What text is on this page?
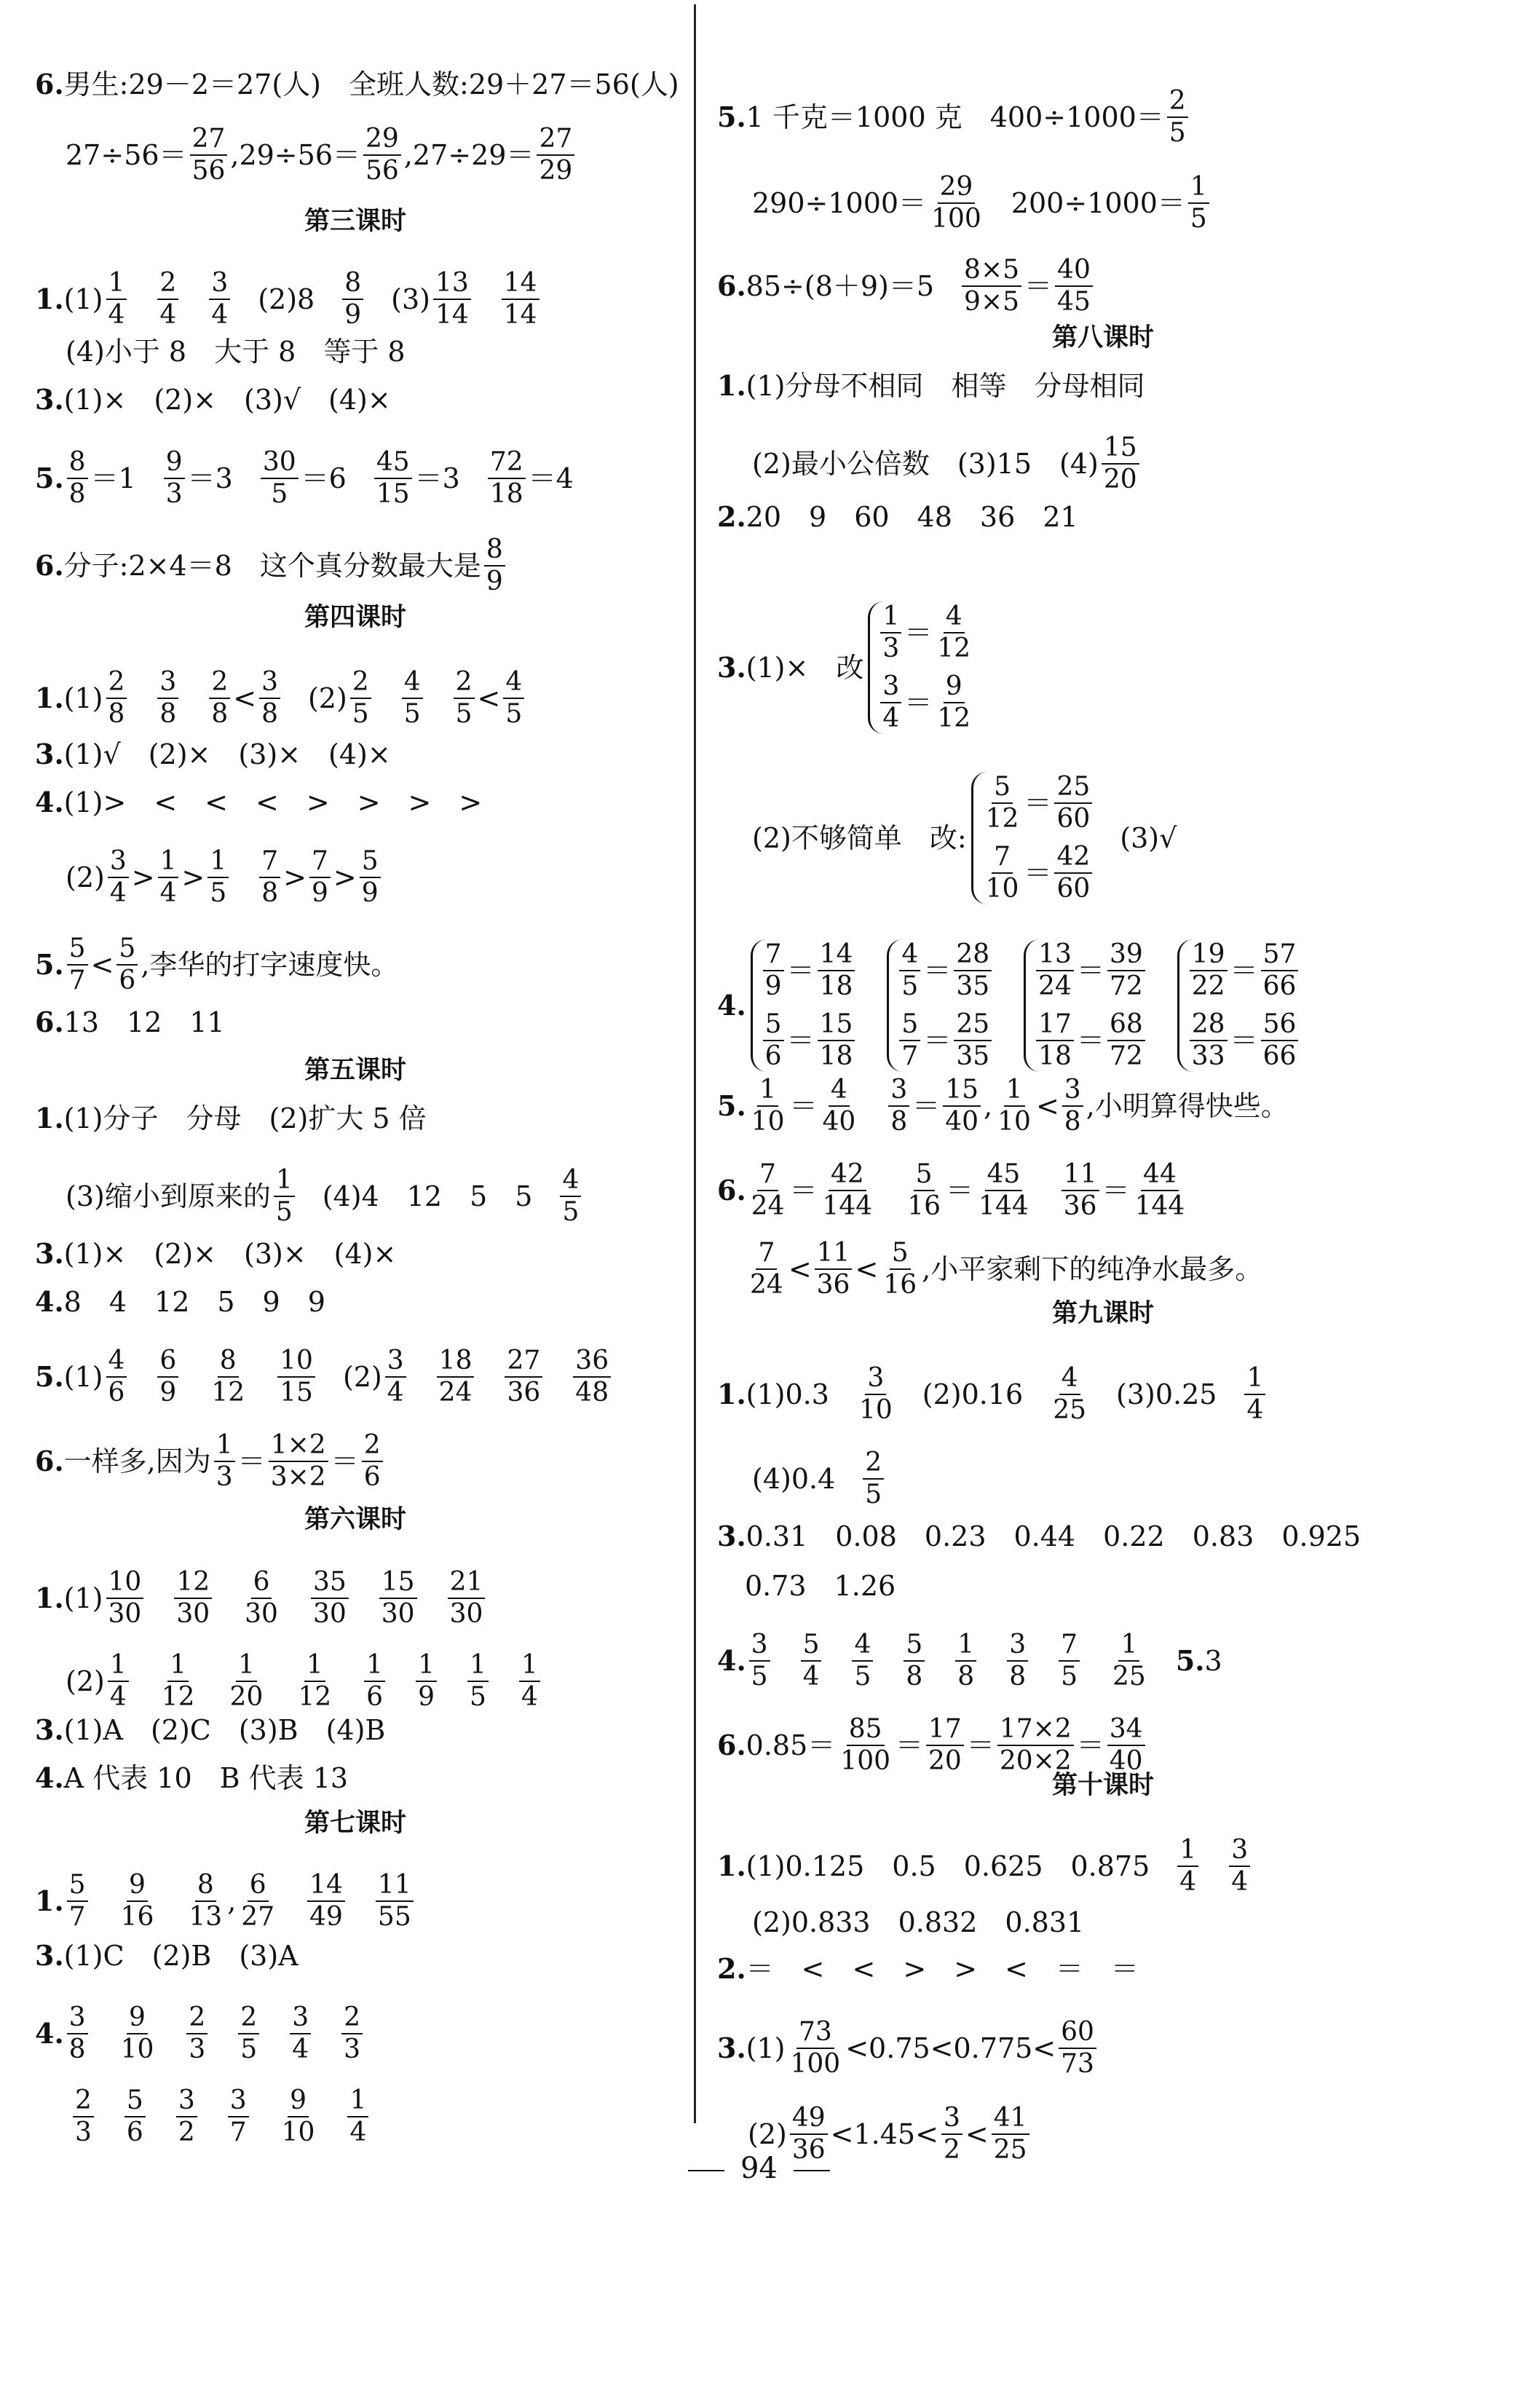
6. 男生:29－2＝27(人)　全班人数:29＋27＝56(人)
$27\div 56= \frac{27}{56} ,29\div 56= \frac{29}{56} ,27\div 29= \frac{27}{29}$
第三课时
1. $(1) \frac{1}{4} \frac{2}{4} \frac{3}{4} (2)8 \frac{8}{9} (3) \frac{13}{14} \frac{14}{14}$
(4)小于 8　大于 8　等于 8
3. (1)×　(2)×　(3)√　(4)×
5. $\frac{8}{8} =1 \frac{9}{3} =3 \frac{30}{5} =6 \frac{45}{15} =3 \frac{72}{18} =4$
6. 分子:2×4＝8　这个真分数最大是 $\frac{8}{9}$
第四课时
1. $(1) \frac{2}{8} \frac{3}{8} \frac{2}{8} < \frac{3}{8} (2) \frac{2}{5} \frac{4}{5} \frac{2}{5} < \frac{4}{5}$
3. (1)√　(2)×　(3)×　(4)×
4. (1)>　<　<　<　>　>　>　>
$(2) \frac{3}{4} > \frac{1}{4} > \frac{1}{5} \frac{7}{8} > \frac{7}{9} > \frac{5}{9}$
5. $\frac{5}{7} < \frac{5}{6}$ ,李华的打字速度快。
6. 13　12　11
第五课时
1. (1)分子　分母　(2)扩大 5 倍
(3)缩小到原来的 $\frac{1}{5} (4)4$　12　5　$5 \frac{4}{5}$
3. (1)×　(2)×　(3)×　(4)×
4. 8　4　12　5　9　9
5. $(1) \frac{4}{6} \frac{6}{9} \frac{8}{12} \frac{10}{15} (2) \frac{3}{4} \frac{18}{24} \frac{27}{36} \frac{36}{48}$
6. 一样多,因为 $\frac{1}{3} = \frac{1\times 2}{3\times 2} = \frac{2}{6}$
第六课时
1. $(1) \frac{10}{30} \frac{12}{30} \frac{6}{30} \frac{35}{30} \frac{15}{30} \frac{21}{30}$
$(2) \frac{1}{4} \frac{1}{12} \frac{1}{20} \frac{1}{12} \frac{1}{6} \frac{1}{9} \frac{1}{5} \frac{1}{4}$
3. (1)A　(2)C　(3)B　(4)B
4. A 代表 10　B 代表 13
第七课时
1. $\frac{5}{7} \frac{9}{16} \frac{8}{13}$ , $\frac{6}{27} \frac{14}{49} \frac{11}{55}$
3. (1)C　(2)B　(3)A
4. $\frac{3}{8} \frac{9}{10} \frac{2}{3} \frac{2}{5} \frac{3}{4} \frac{2}{3}$
$\frac{2}{3} \frac{5}{6} \frac{3}{2} \frac{3}{7} \frac{9}{10} \frac{1}{4}$
5. 1 千克＝1000 克　$400\div 1000= \frac{2}{5}$
$290\div 1000= \frac{29}{100} 200\div 1000= \frac{1}{5}$
6. $85\div(8+9)=5 \frac{8\times 5}{9\times 5} = \frac{40}{45}$
第八课时
1. (1)分母不相同　相等　分母相同
(2)最小公倍数　(3)15　$(4) \frac{15}{20}$
2. 20　9　60　48　36　21
3. (1)×　改
$\frac{1}{3} = \frac{4}{12}$
$\frac{3}{4} = \frac{9}{12}$
(2)不够简单　改:
$\frac{5}{12} = \frac{25}{60}$
$\frac{7}{10} = \frac{42}{60}$
(3)√
4.
$\frac{7}{9} = \frac{14}{18}$
$\frac{5}{6} = \frac{15}{18}$
$\frac{4}{5} = \frac{28}{35}$
$\frac{5}{7} = \frac{25}{35}$
$\frac{13}{24} = \frac{39}{72}$
$\frac{17}{18} = \frac{68}{72}$
$\frac{19}{22} = \frac{57}{66}$
$\frac{28}{33} = \frac{56}{66}$
5. $\frac{1}{10} = \frac{4}{40} \frac{3}{8} = \frac{15}{40}$ , $\frac{1}{10} < \frac{3}{8}$ ,小明算得快些。
6. $\frac{7}{24} = \frac{42}{144} \frac{5}{16} = \frac{45}{144} \frac{11}{36} = \frac{44}{144}$
$\frac{7}{24} < \frac{11}{36} < \frac{5}{16}$ ,小平家剩下的纯净水最多。
第九课时
1. $(1)0.3 \frac{3}{10} (2)0.16 \frac{4}{25} (3)0.25 \frac{1}{4}$
$(4)0.4 \frac{2}{5}$
3. 0.31　0.08　0.23　0.44　0.22　0.83　0.925
0.73　1.26
4. $\frac{3}{5} \frac{5}{4} \frac{4}{5} \frac{5}{8} \frac{1}{8} \frac{3}{8} \frac{7}{5} \frac{1}{25} 5$. 3
6. $0.85= \frac{85}{100} = \frac{17}{20} = \frac{17\times 2}{20\times 2} = \frac{34}{40}$
第十课时
1. (1)0.125　0.5　0.625　$0.875 \frac{1}{4} \frac{3}{4}$
(2)0.833　0.832　0.831
2. ＝　<　<　>　>　<　＝　＝
3. $(1) \frac{73}{100} <0.75<0.775< \frac{60}{73}$
$(2) \frac{49}{36} <1.45< \frac{3}{2} < \frac{41}{25}$
94
